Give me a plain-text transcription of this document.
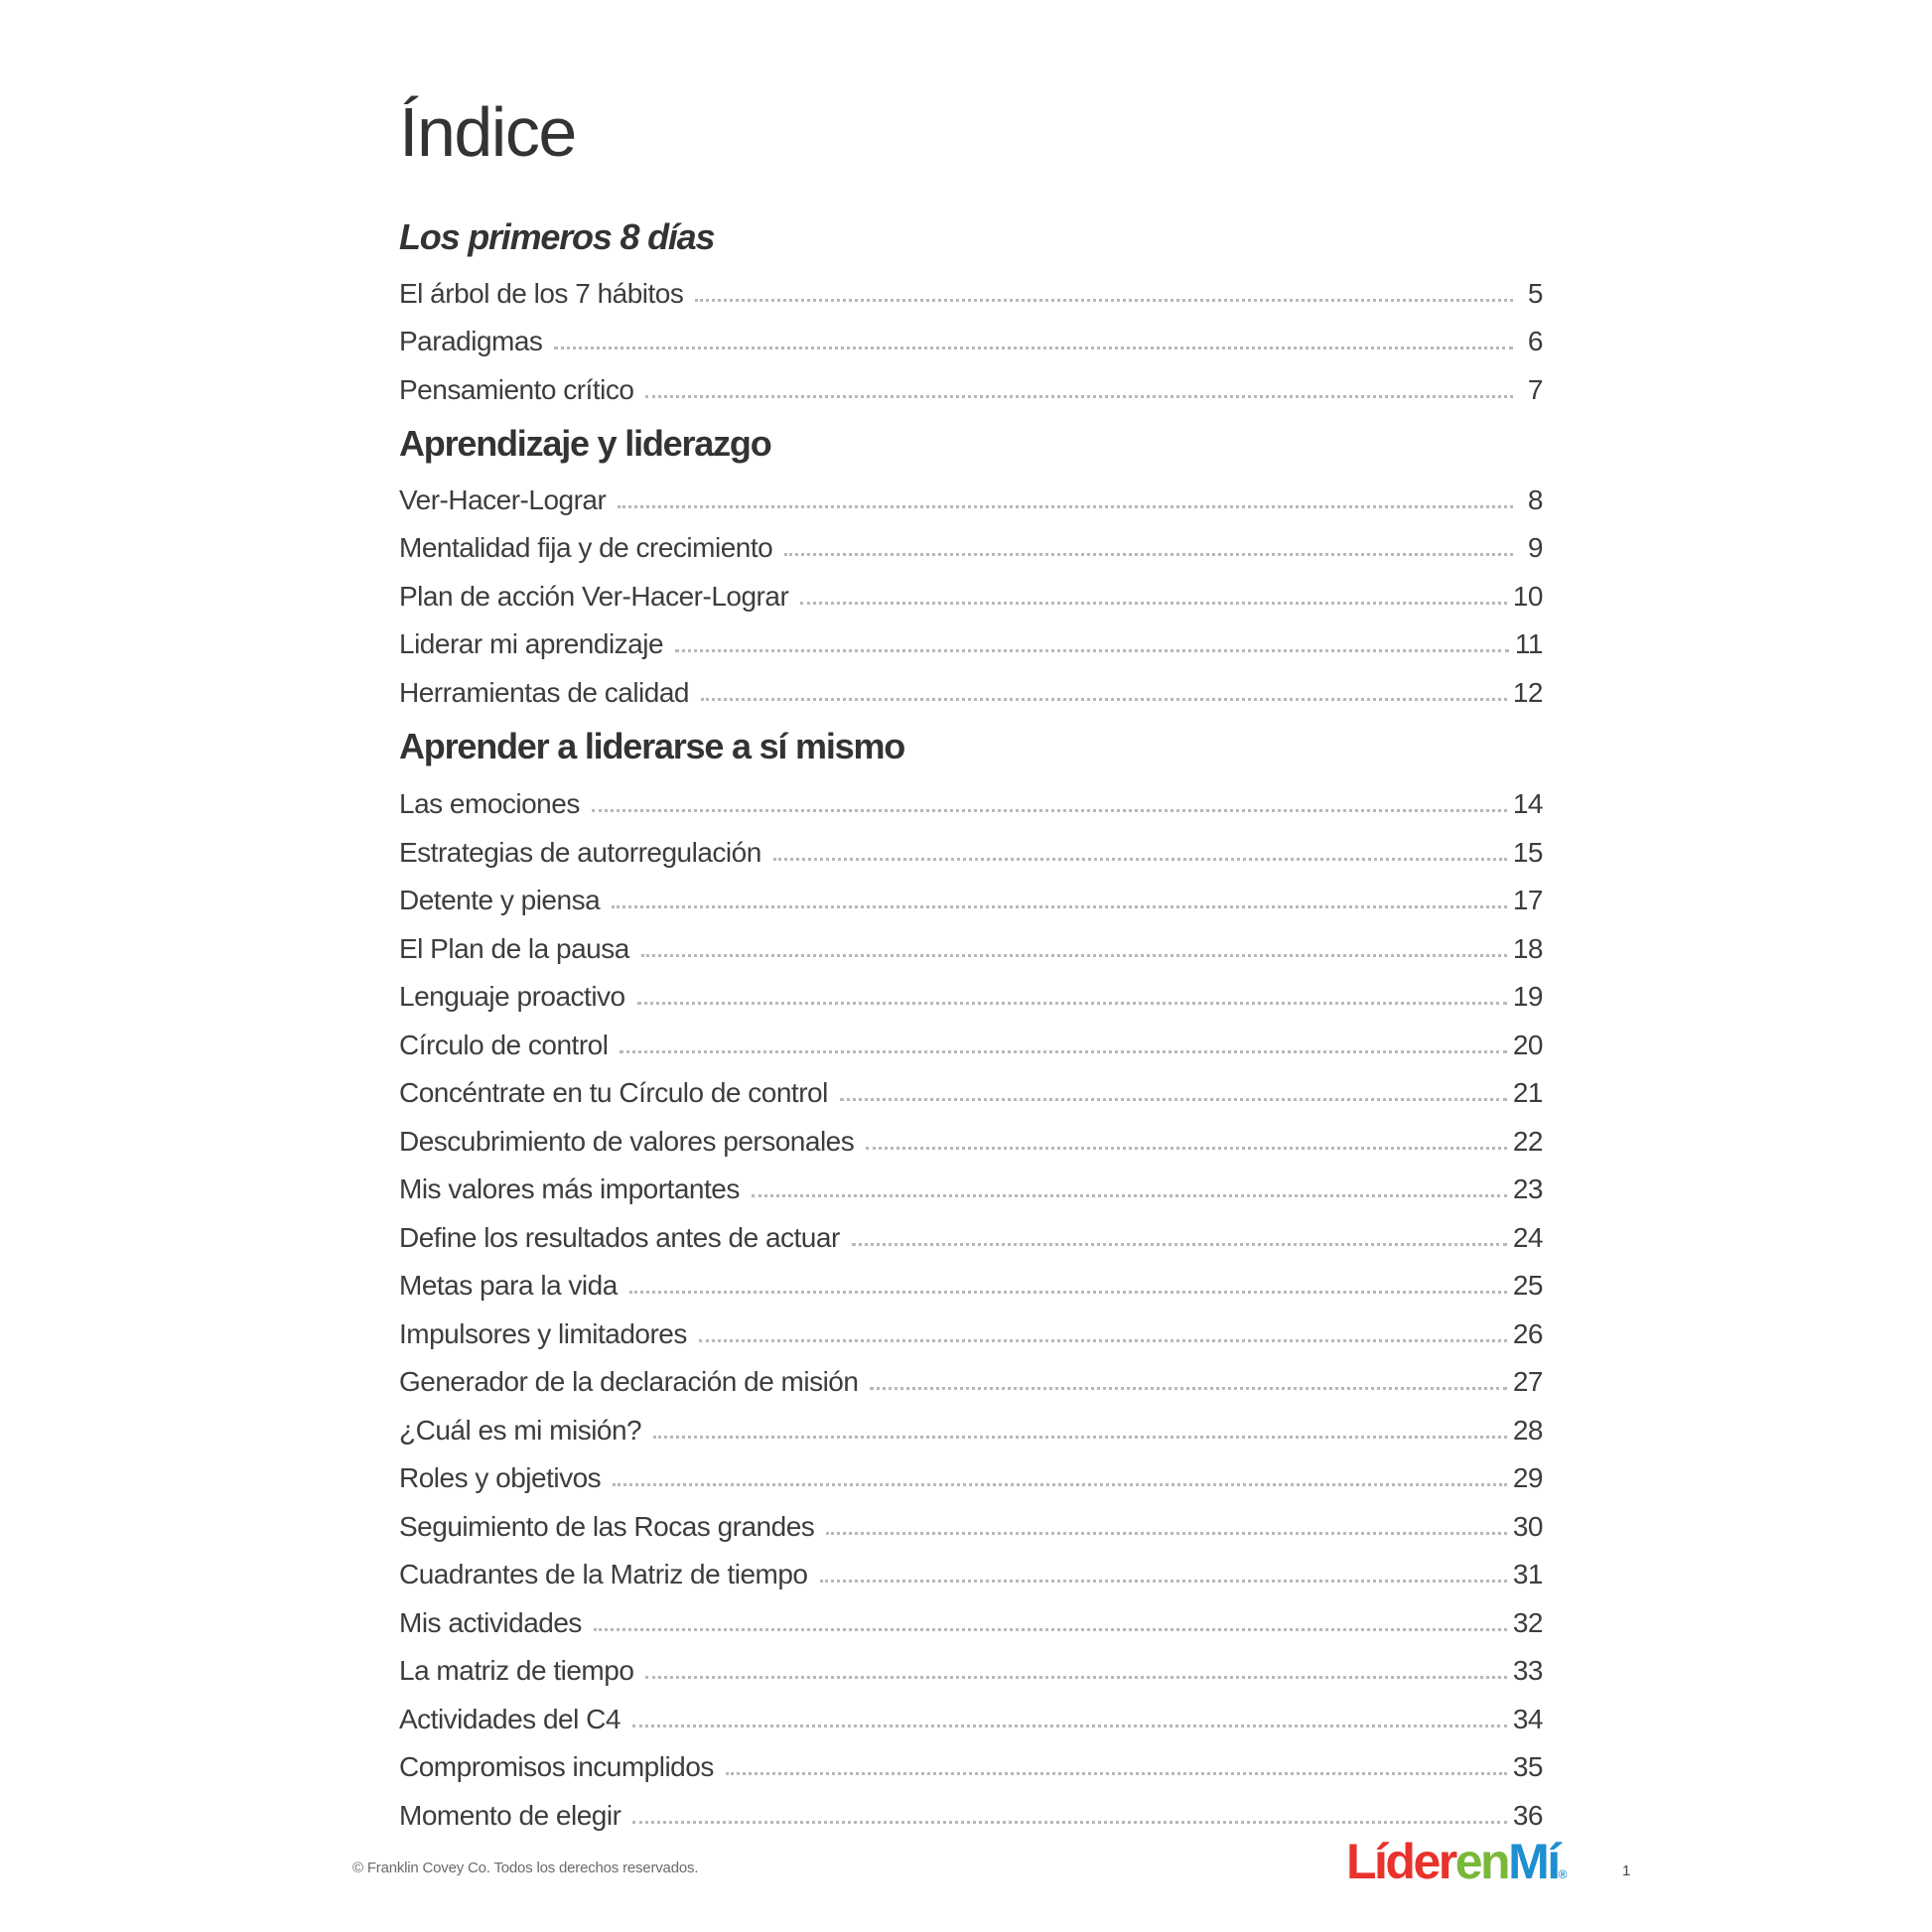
Índice
Los primeros 8 días
El árbol de los 7 hábitos	5
Paradigmas	6
Pensamiento crítico	7
Aprendizaje y liderazgo
Ver-Hacer-Lograr	8
Mentalidad fija y de crecimiento	9
Plan de acción Ver-Hacer-Lograr	10
Liderar mi aprendizaje	11
Herramientas de calidad	12
Aprender a liderarse a sí mismo
Las emociones	14
Estrategias de autorregulación	15
Detente y piensa	17
El Plan de la pausa	18
Lenguaje proactivo	19
Círculo de control	20
Concéntrate en tu Círculo de control	21
Descubrimiento de valores personales	22
Mis valores más importantes	23
Define los resultados antes de actuar	24
Metas para la vida	25
Impulsores y limitadores	26
Generador de la declaración de misión	27
¿Cuál es mi misión?	28
Roles y objetivos	29
Seguimiento de las Rocas grandes	30
Cuadrantes de la Matriz de tiempo	31
Mis actividades	32
La matriz de tiempo	33
Actividades del C4	34
Compromisos incumplidos	35
Momento de elegir	36
© Franklin Covey Co. Todos los derechos reservados.	LíderenMí®	1
